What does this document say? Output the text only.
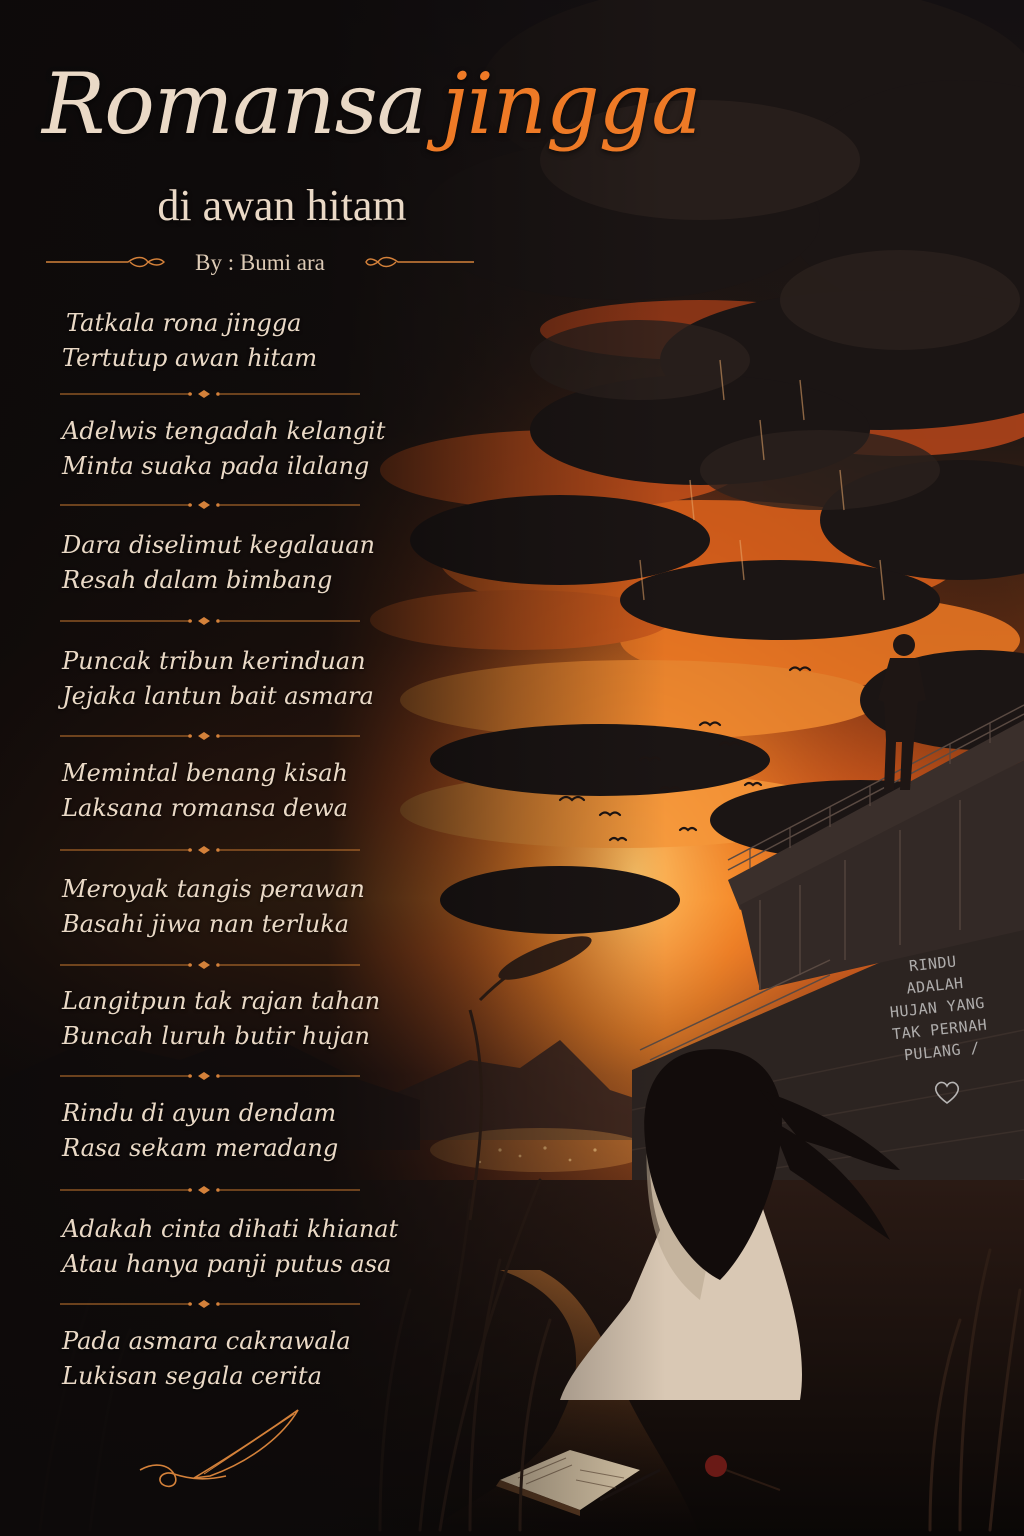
Romansa jingga
di awan hitam
By : Bumi ara
Tatkala rona jingga
Tertutup awan hitam
Adelwis tengadah kelangit
Minta suaka pada ilalang
Dara diselimut kegalauan
Resah dalam bimbang
Puncak tribun kerinduan
Jejaka lantun bait asmara
Memintal benang kisah
Laksana romansa dewa
Meroyak tangis perawan
Basahi jiwa nan terluka
Langitpun tak rajan tahan
Buncah luruh butir hujan
Rindu di ayun dendam
Rasa sekam meradang
Adakah cinta dihati khianat
Atau hanya panji putus asa
Pada asmara cakrawala
Lukisan segala cerita
RINDU
ADALAH
HUJAN YANG
TAK PERNAH
PULANG /
